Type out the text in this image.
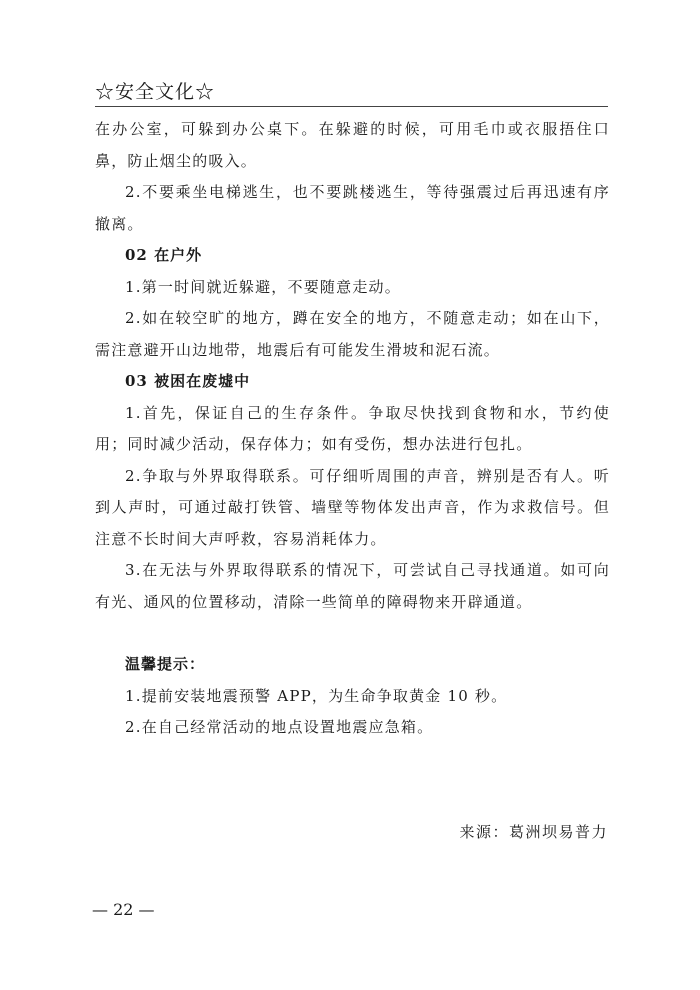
☆安全文化☆

在办公室，可躲到办公桌下。在躲避的时候，可用毛巾或衣服捂住口鼻，防止烟尘的吸入。

2.不要乘坐电梯逃生，也不要跳楼逃生，等待强震过后再迅速有序撤离。

02 在户外

1.第一时间就近躲避，不要随意走动。

2.如在较空旷的地方，蹲在安全的地方，不随意走动；如在山下，需注意避开山边地带，地震后有可能发生滑坡和泥石流。

03 被困在废墟中

1.首先，保证自己的生存条件。争取尽快找到食物和水，节约使用；同时减少活动，保存体力；如有受伤，想办法进行包扎。

2.争取与外界取得联系。可仔细听周围的声音，辨别是否有人。听到人声时，可通过敲打铁管、墙壁等物体发出声音，作为求救信号。但注意不长时间大声呼救，容易消耗体力。

3.在无法与外界取得联系的情况下，可尝试自己寻找通道。如可向有光、通风的位置移动，清除一些简单的障碍物来开辟通道。

温馨提示：

1.提前安装地震预警 APP，为生命争取黄金 10 秒。

2.在自己经常活动的地点设置地震应急箱。

来源：葛洲坝易普力
— 22 —
